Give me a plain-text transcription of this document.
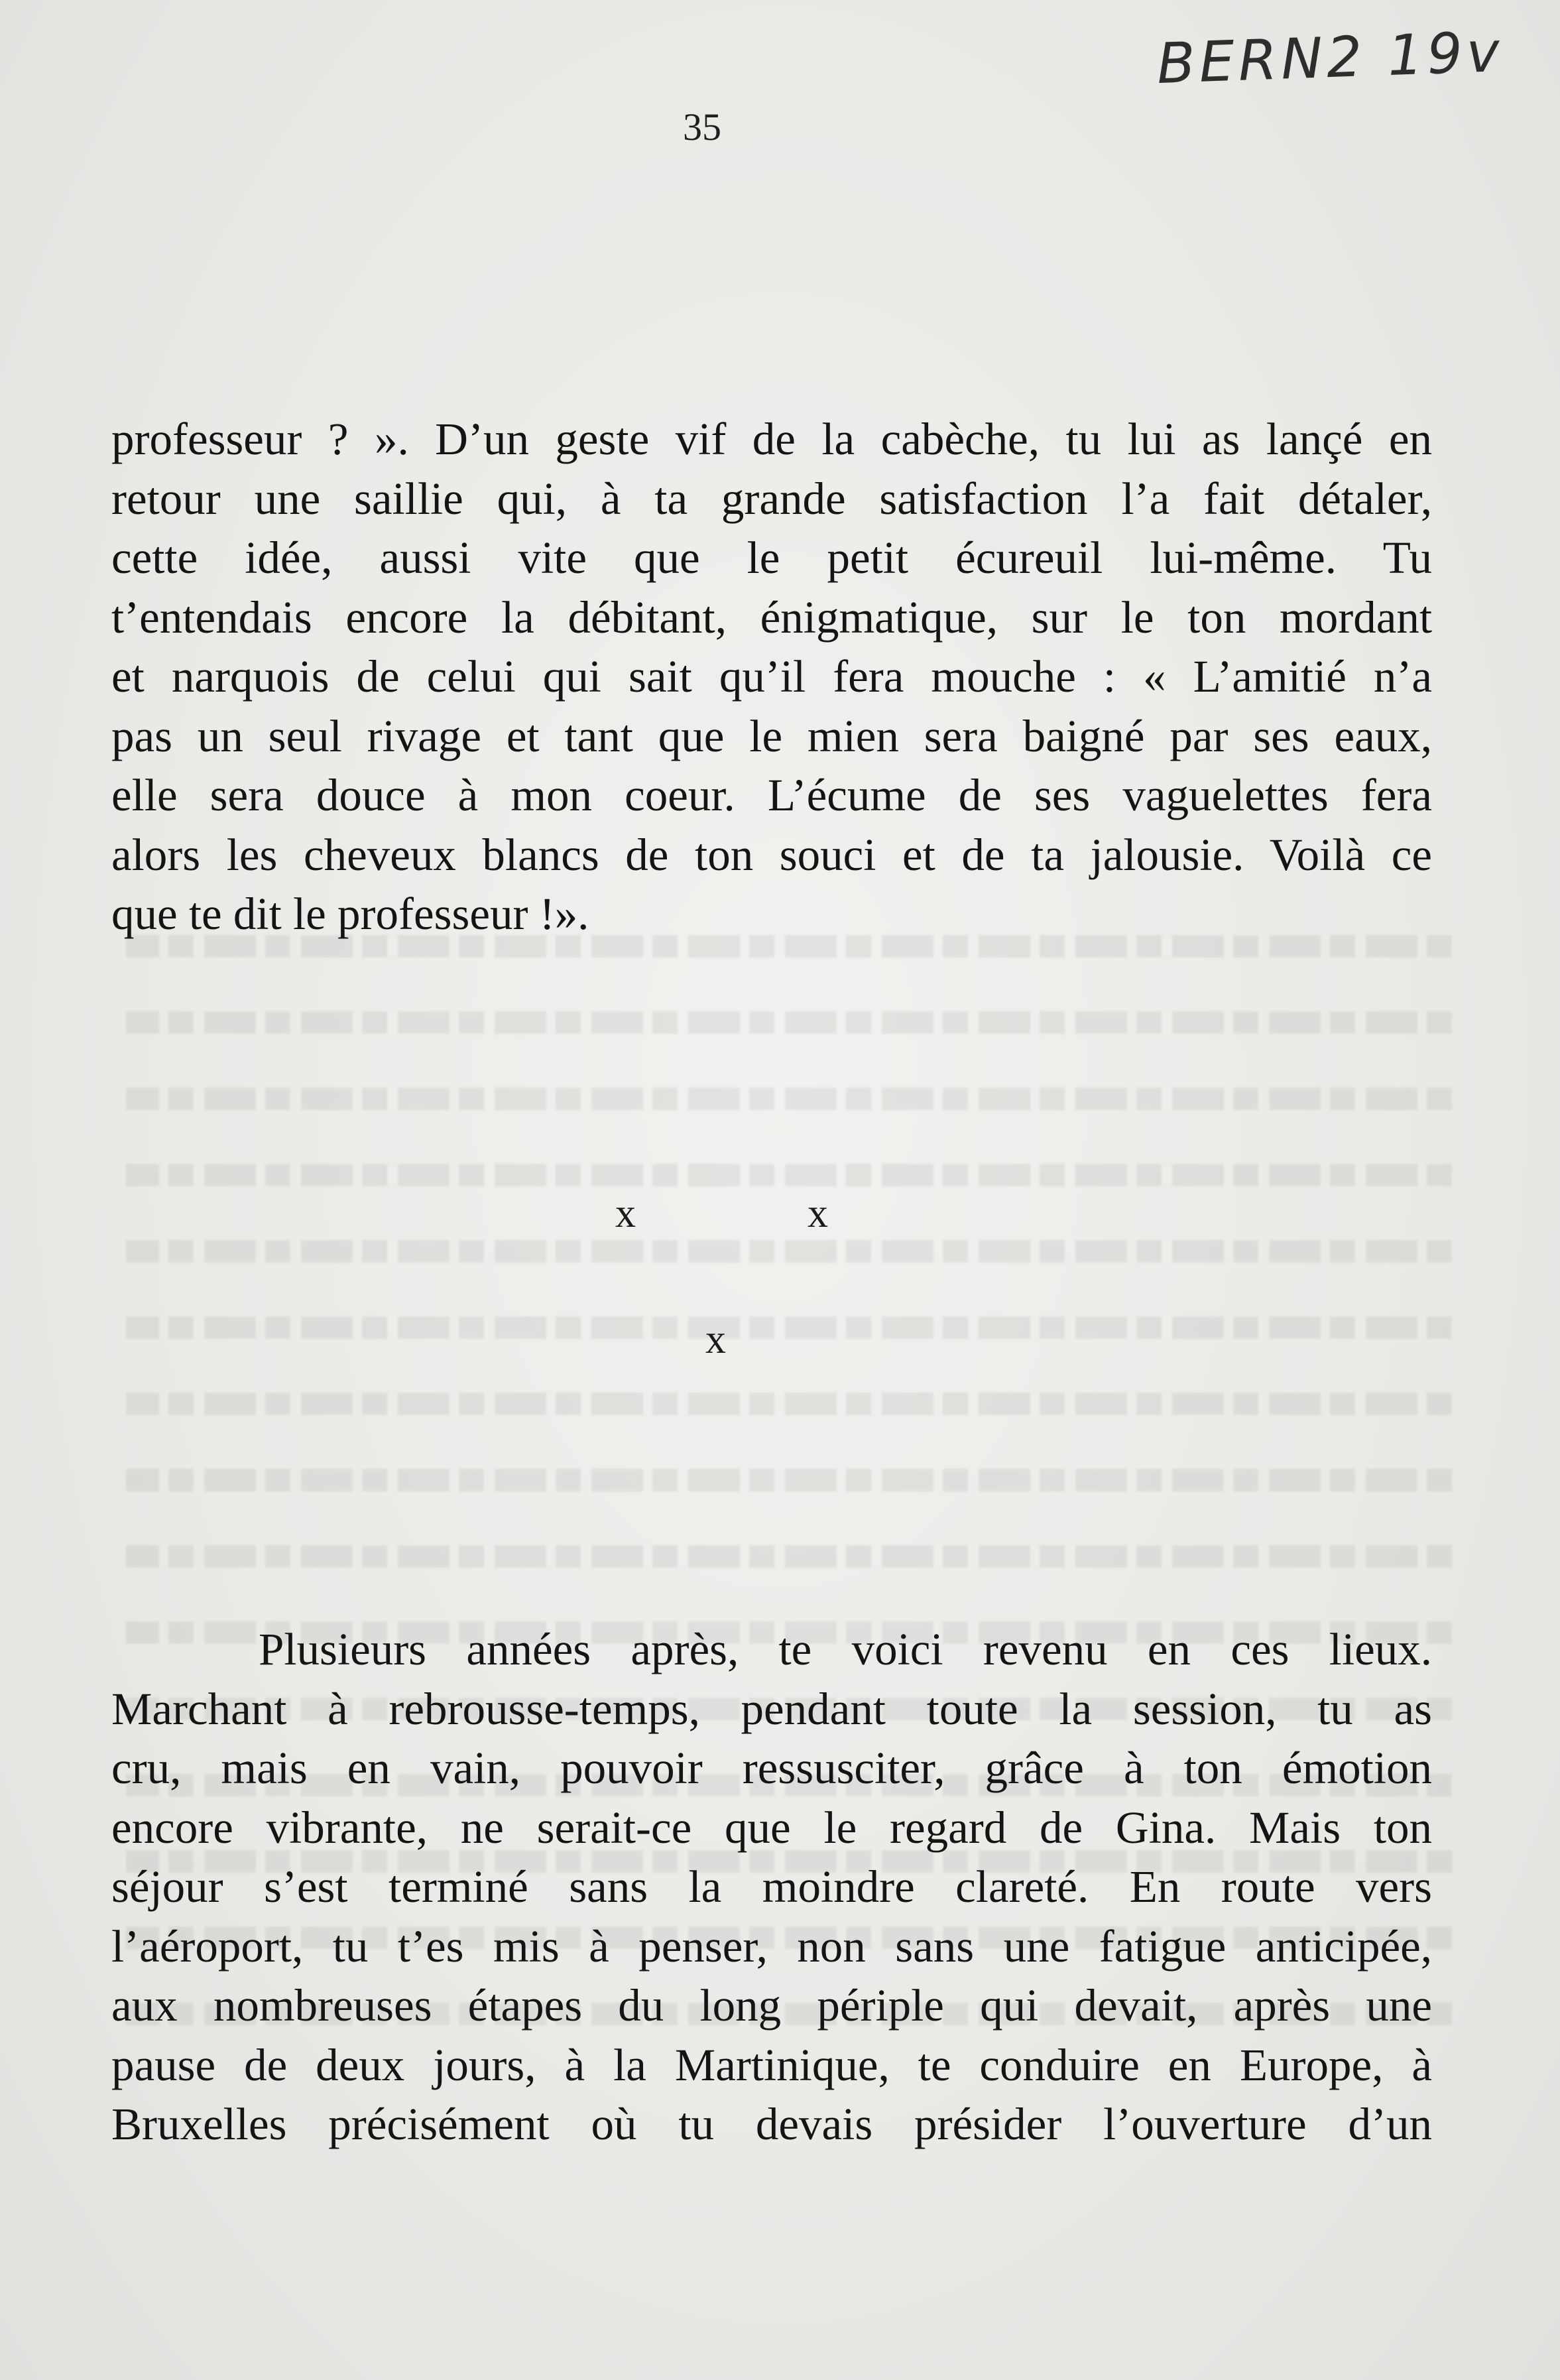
BERN2 19v
35
professeur ? ». D’un geste vif de la cabèche, tu lui as lançé en
retour une saillie qui, à ta grande satisfaction l’a fait détaler,
cette idée, aussi vite que le petit écureuil lui-même. Tu
t’entendais encore la débitant, énigmatique, sur le ton mordant
et narquois de celui qui sait qu’il fera mouche : « L’amitié n’a
pas un seul rivage et tant que le mien sera baigné par ses eaux,
elle sera douce à mon coeur. L’écume de ses vaguelettes fera
alors les cheveux blancs de ton souci et de ta jalousie. Voilà ce
que te dit le professeur !».
x	x
x
Plusieurs années après, te voici revenu en ces lieux.
Marchant à rebrousse-temps, pendant toute la session, tu as
cru, mais en vain, pouvoir ressusciter, grâce à ton émotion
encore vibrante, ne serait-ce que le regard de Gina. Mais ton
séjour s’est terminé sans la moindre clareté. En route vers
l’aéroport, tu t’es mis à penser, non sans une fatigue anticipée,
aux nombreuses étapes du long périple qui devait, après une
pause de deux jours, à la Martinique, te conduire en Europe, à
Bruxelles précisément où tu devais présider l’ouverture d’un
